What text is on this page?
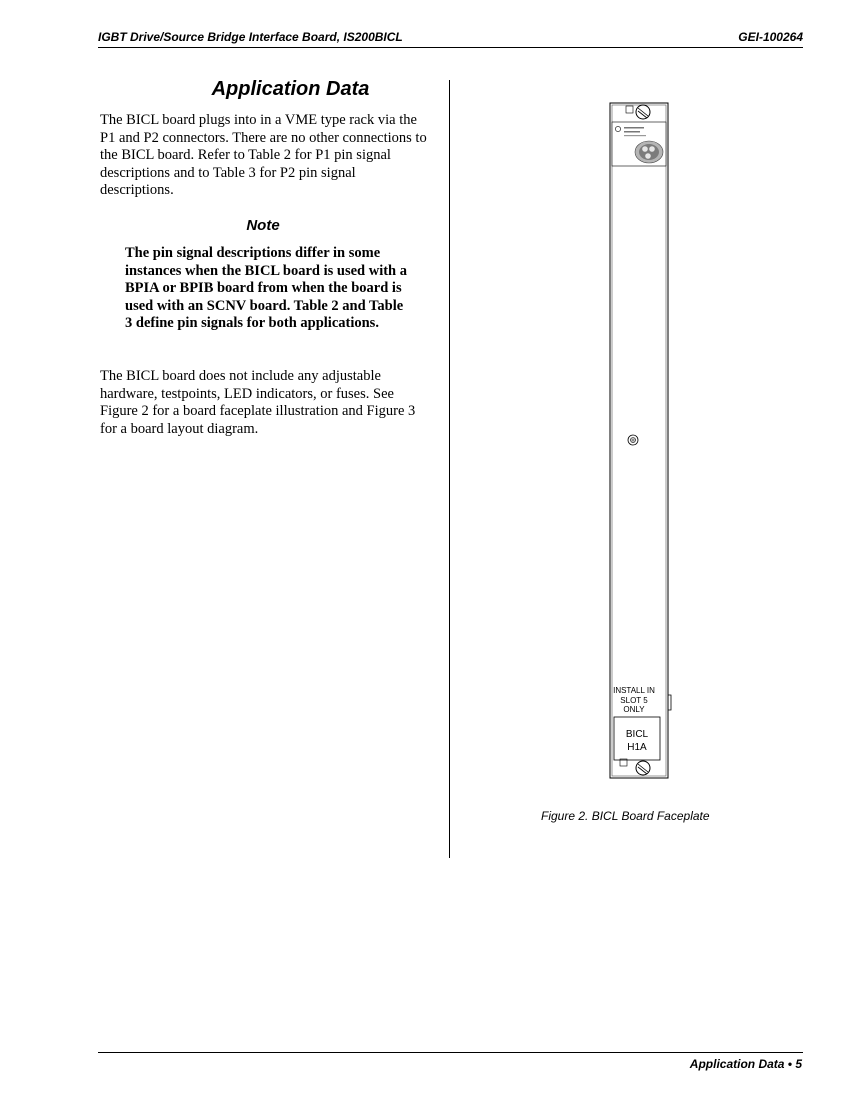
IGBT Drive/Source Bridge Interface Board, IS200BICL	GEI-100264
Application Data

The BICL board plugs into in a VME type rack via the P1 and P2 connectors. There are no other connections to the BICL board. Refer to Table 2 for P1 pin signal descriptions and to Table 3 for P2 pin signal descriptions.

Note

The pin signal descriptions differ in some instances when the BICL board is used with a BPIA or BPIB board from when the board is used with an SCNV board. Table 2 and Table 3 define pin signals for both applications.

The BICL board does not include any adjustable hardware, testpoints, LED indicators, or fuses. See Figure 2 for a board faceplate illustration and Figure 3 for a board layout diagram.

INSTALL IN
SLOT 5
ONLY
BICL
H1A
Figure 2. BICL Board Faceplate
Application Data • 5
